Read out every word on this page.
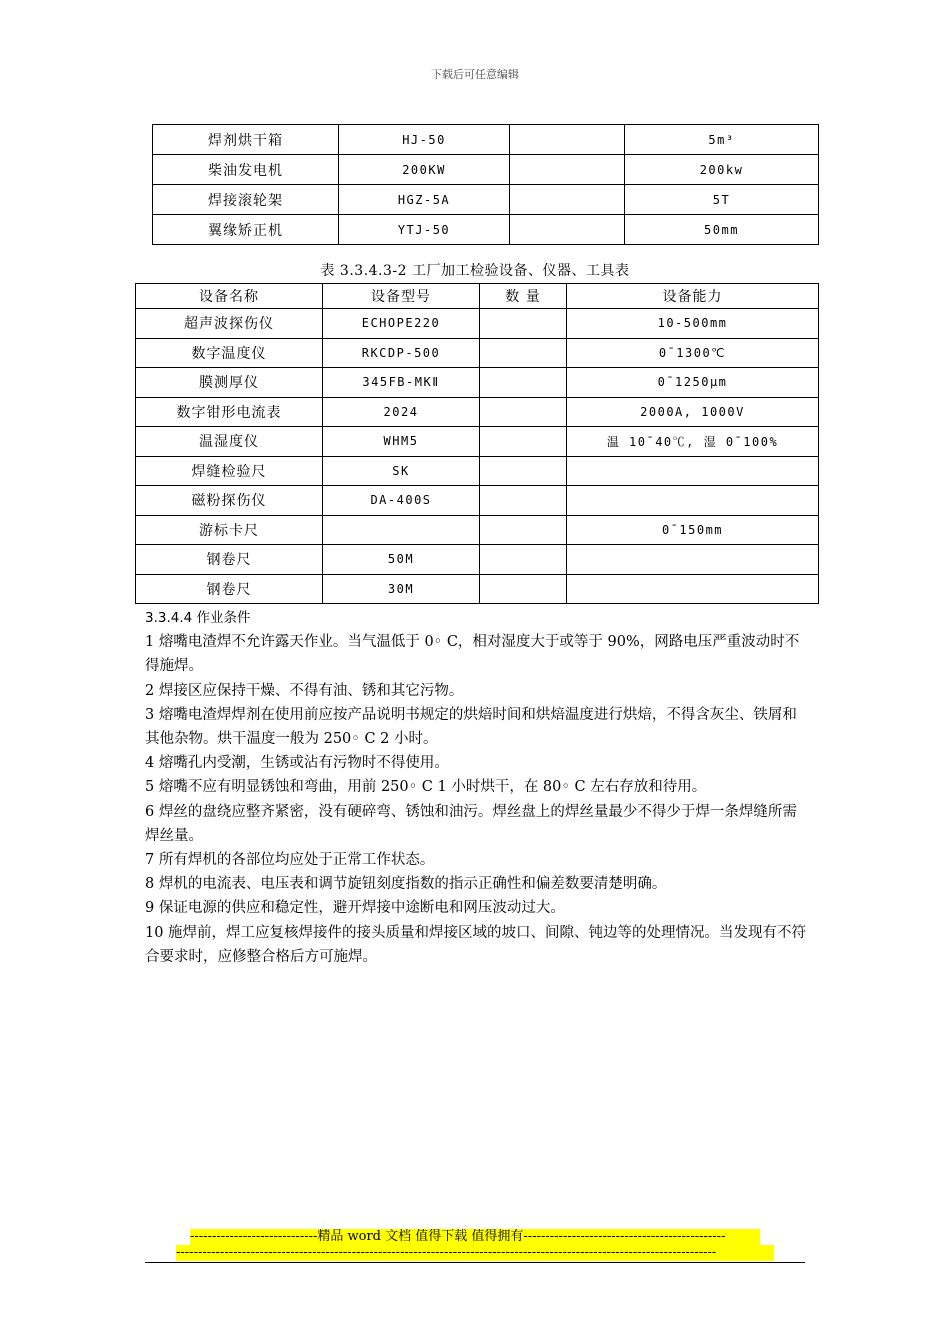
下载后可任意编辑
焊剂烘干箱	HJ-50		5m³
柴油发电机	200KW		200kw
焊接滚轮架	HGZ-5A		5T
翼缘矫正机	YTJ-50		50mm
表 3.3.4.3-2 工厂加工检验设备、仪器、工具表
设备名称	设备型号	数 量	设备能力
超声波探伤仪	ECHOPE220		10-500mm
数字温度仪	RKCDP-500		0¯1300℃
膜测厚仪	345FB-MKⅡ		0¯1250μm
数字钳形电流表	2024		2000A, 1000V
温湿度仪	WHM5		温 10¯40℃, 湿 0¯100%
焊缝检验尺	SK		
磁粉探伤仪	DA-400S		
游标卡尺			0¯150mm
钢卷尺	50M		
钢卷尺	30M		

3.3.4.4 作业条件

1 熔嘴电渣焊不允许露天作业。当气温低于 0◦ C，相对湿度大于或等于 90%，网路电压严重波动时不得施焊。

2 焊接区应保持干燥、不得有油、锈和其它污物。

3 熔嘴电渣焊焊剂在使用前应按产品说明书规定的烘焙时间和烘焙温度进行烘焙，不得含灰尘、铁屑和其他杂物。烘干温度一般为 250◦ C 2 小时。

4 熔嘴孔内受潮，生锈或沾有污物时不得使用。

5 熔嘴不应有明显锈蚀和弯曲，用前 250◦ C 1 小时烘干，在 80◦ C 左右存放和待用。

6 焊丝的盘绕应整齐紧密，没有硬碎弯、锈蚀和油污。焊丝盘上的焊丝量最少不得少于焊一条焊缝所需焊丝量。

7 所有焊机的各部位均应处于正常工作状态。

8 焊机的电流表、电压表和调节旋钮刻度指数的指示正确性和偏差数要清楚明确。

9 保证电源的供应和稳定性，避开焊接中途断电和网压波动过大。

10 施焊前，焊工应复核焊接件的接头质量和焊接区域的坡口、间隙、钝边等的处理情况。当发现有不符合要求时，应修整合格后方可施焊。

-----------------------------精品 word 文档 值得下载 值得拥有----------------------------------------------
---------------------------------------------------------------------------------------------------------------------------
